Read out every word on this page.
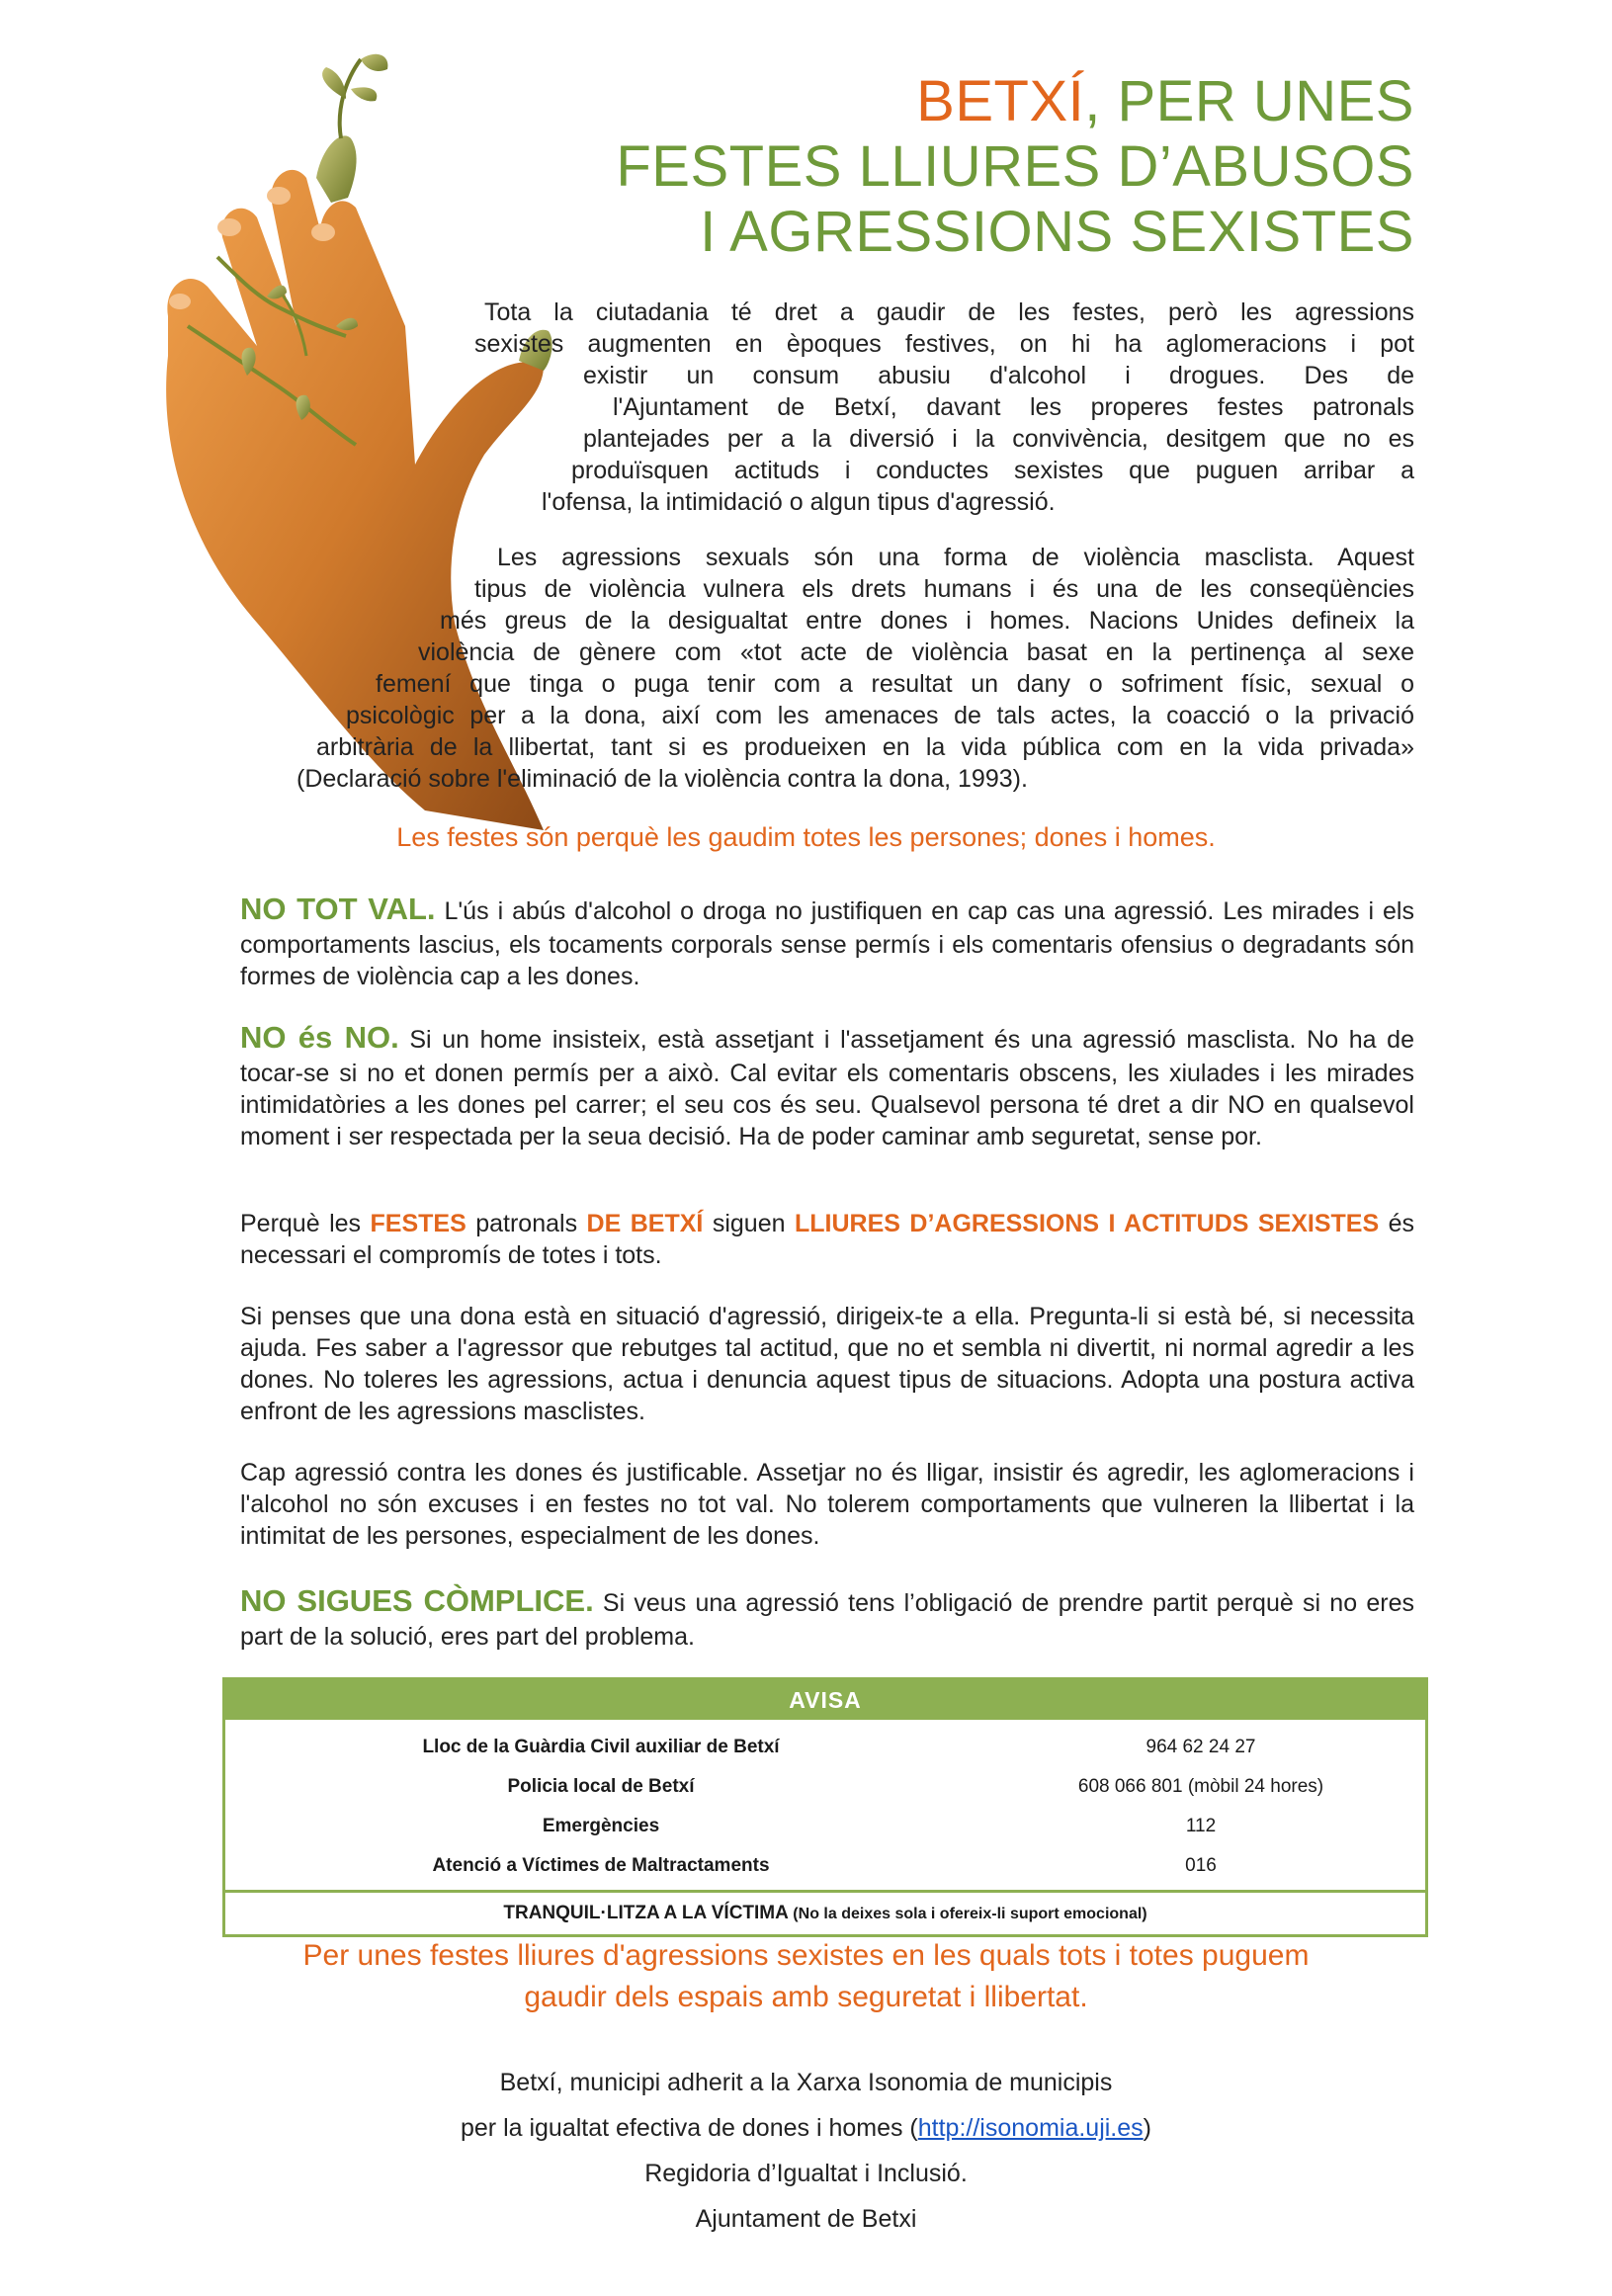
BETXÍ, PER UNES
FESTES LLIURES D’ABUSOS
I AGRESSIONS SEXISTES
Tota la ciutadania té dret a gaudir de les festes, però les agressions
sexistes augmenten en èpoques festives, on hi ha aglomeracions i pot
existir un consum abusiu d'alcohol i drogues. Des de
l'Ajuntament de Betxí, davant les properes festes patronals
plantejades per a la diversió i la convivència, desitgem que no es
produïsquen actituds i conductes sexistes que puguen arribar a
l'ofensa, la intimidació o algun tipus d'agressió.
Les agressions sexuals són una forma de violència masclista. Aquest
tipus de violència vulnera els drets humans i és una de les conseqüències
més greus de la desigualtat entre dones i homes. Nacions Unides defineix la
violència de gènere com «tot acte de violència basat en la pertinença al sexe
femení que tinga o puga tenir com a resultat un dany o sofriment físic, sexual o
psicològic per a la dona, així com les amenaces de tals actes, la coacció o la privació
arbitrària de la llibertat, tant si es produeixen en la vida pública com en la vida privada»
(Declaració sobre l'eliminació de la violència contra la dona, 1993).
Les festes són perquè les gaudim totes les persones; dones i homes.
NO TOT VAL. L'ús i abús d'alcohol o droga no justifiquen en cap cas una agressió. Les mirades i els comportaments lascius, els tocaments corporals sense permís i els comentaris ofensius o degradants són formes de violència cap a les dones.
NO és NO. Si un home insisteix, està assetjant i l'assetjament és una agressió masclista. No ha de tocar-se si no et donen permís per a això. Cal evitar els comentaris obscens, les xiulades i les mirades intimidatòries a les dones pel carrer; el seu cos és seu. Qualsevol persona té dret a dir NO en qualsevol moment i ser respectada per la seua decisió. Ha de poder caminar amb seguretat, sense por.
Perquè les FESTES patronals DE BETXÍ siguen LLIURES D’AGRESSIONS I ACTITUDS SEXISTES és necessari el compromís de totes i tots.
Si penses que una dona està en situació d'agressió, dirigeix-te a ella. Pregunta-li si està bé, si necessita ajuda. Fes saber a l'agressor que rebutges tal actitud, que no et sembla ni divertit, ni normal agredir a les dones. No toleres les agressions, actua i denuncia aquest tipus de situacions. Adopta una postura activa enfront de les agressions masclistes.
Cap agressió contra les dones és justificable. Assetjar no és lligar, insistir és agredir, les aglomeracions i l'alcohol no són excuses i en festes no tot val. No tolerem comportaments que vulneren la llibertat i la intimitat de les persones, especialment de les dones.
NO SIGUES CÒMPLICE. Si veus una agressió tens l’obligació de prendre partit perquè si no eres part de la solució, eres part del problema.
AVISA
Lloc de la Guàrdia Civil auxiliar de Betxí	964 62 24 27
Policia local de Betxí	608 066 801 (mòbil 24 hores)
Emergències	112
Atenció a Víctimes de Maltractaments	016
TRANQUIL·LITZA A LA VÍCTIMA (No la deixes sola i ofereix-li suport emocional)
Per unes festes lliures d'agressions sexistes en les quals tots i totes puguem
gaudir dels espais amb seguretat i llibertat.
Betxí, municipi adherit a la Xarxa Isonomia de municipis
per la igualtat efectiva de dones i homes (http://isonomia.uji.es)
Regidoria d’Igualtat i Inclusió.
Ajuntament de Betxi
